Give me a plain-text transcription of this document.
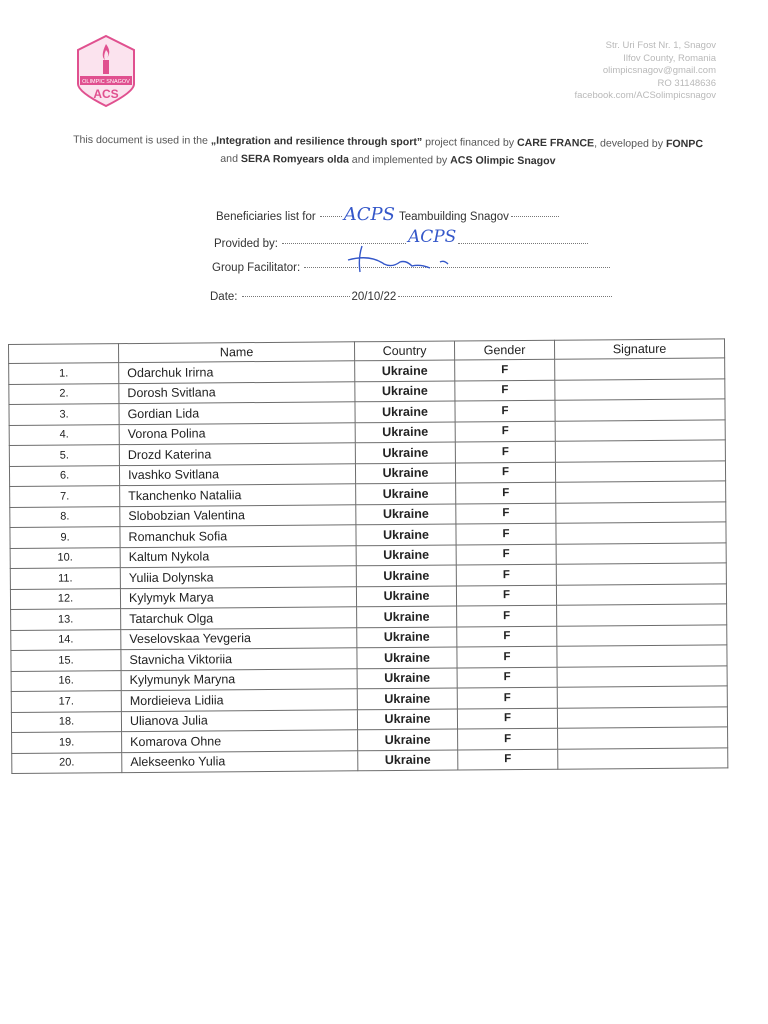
OLIMPIC SNAGOV
ACS
Str. Uri Fost Nr. 1, Snagov
Ilfov County, Romania
olimpicsnagov@gmail.com
RO 31148636
facebook.com/ACSolimpicsnagov
This document is used in the „Integration and resilience through sport” project financed by CARE FRANCE, developed by FONPC and SERA Romyears olda and implemented by ACS Olimpic Snagov
Beneficiaries list for ACPS Teambuilding Snagov
Provided by:	ACPS
Group Facilitator:
Date:	20/10/22
	Name	Country	Gender	Signature
1.	Odarchuk Irirna	Ukraine	F	
2.	Dorosh Svitlana	Ukraine	F	
3.	Gordian Lida	Ukraine	F	
4.	Vorona Polina	Ukraine	F	
5.	Drozd Katerina	Ukraine	F	
6.	Ivashko Svitlana	Ukraine	F	
7.	Tkanchenko Nataliia	Ukraine	F	
8.	Slobobzian Valentina	Ukraine	F	
9.	Romanchuk Sofia	Ukraine	F	
10.	Kaltum Nykola	Ukraine	F	
11.	Yuliia Dolynska	Ukraine	F	
12.	Kylymyk Marya	Ukraine	F	
13.	Tatarchuk Olga	Ukraine	F	
14.	Veselovskaa Yevgeria	Ukraine	F	
15.	Stavnicha Viktoriia	Ukraine	F	
16.	Kylymunyk Maryna	Ukraine	F	
17.	Mordieieva Lidiia	Ukraine	F	
18.	Ulianova Julia	Ukraine	F	
19.	Komarova Ohne	Ukraine	F	
20.	Alekseenko Yulia	Ukraine	F	
